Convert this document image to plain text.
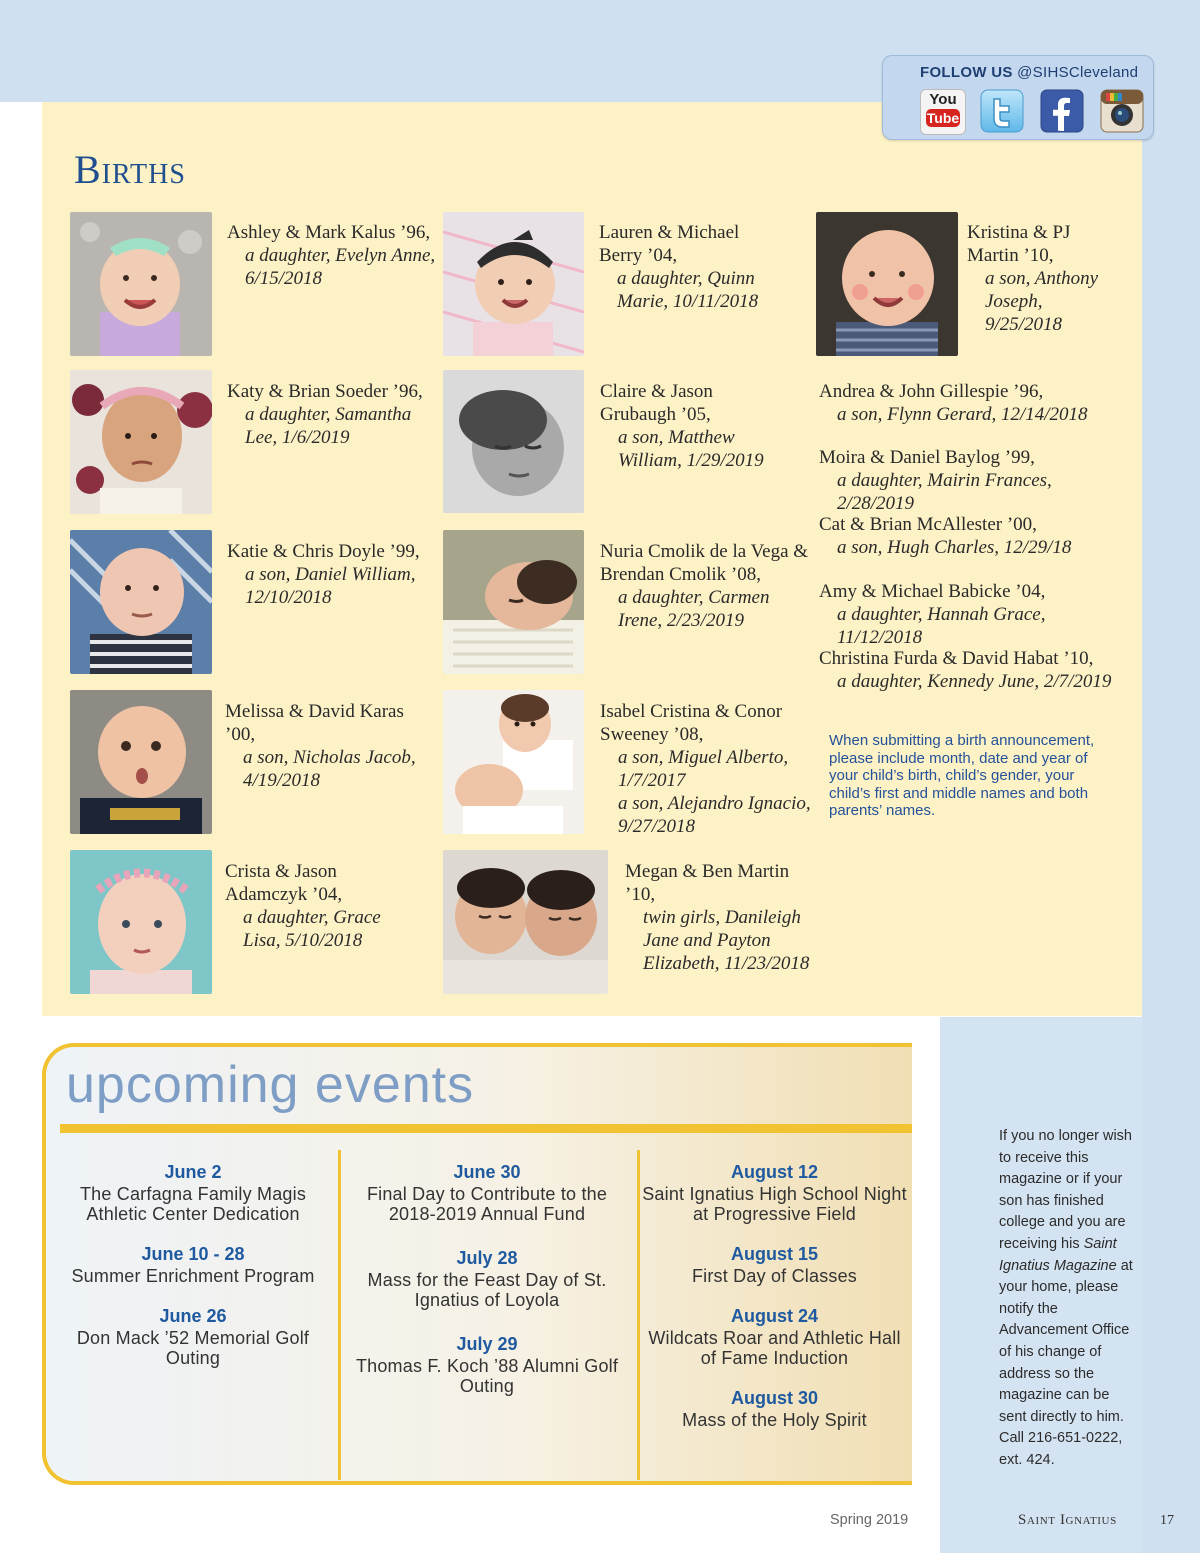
FOLLOW US @SIHSCleveland
You
Tube
Births
Ashley & Mark Kalus ’96,
a daughter, Evelyn Anne, 6/15/2018
Katy & Brian Soeder ’96,
a daughter, Samantha Lee, 1/6/2019
Katie & Chris Doyle ’99,
a son, Daniel William, 12/10/2018
Melissa & David Karas ’00,
a son, Nicholas Jacob, 4/19/2018
Crista & Jason Adamczyk ’04,
a daughter, Grace Lisa, 5/10/2018
Lauren & Michael Berry ’04,
a daughter, Quinn Marie, 10/11/2018
Claire & Jason Grubaugh ’05,
a son, Matthew William, 1/29/2019
Nuria Cmolik de la Vega & Brendan Cmolik ’08,
a daughter, Carmen Irene, 2/23/2019
Isabel Cristina & Conor Sweeney ’08,
a son, Miguel Alberto, 1/7/2017
a son, Alejandro Ignacio, 9/27/2018
Megan & Ben Martin ’10,
twin girls, Danileigh Jane and Payton Elizabeth, 11/23/2018
Kristina & PJ Martin ’10,
a son, Anthony Joseph, 9/25/2018
Andrea & John Gillespie ’96,
a son, Flynn Gerard, 12/14/2018
Moira & Daniel Baylog ’99,
a daughter, Mairin Frances, 2/28/2019
Cat & Brian McAllester ’00,
a son, Hugh Charles, 12/29/18
Amy & Michael Babicke ’04,
a daughter, Hannah Grace, 11/12/2018
Christina Furda & David Habat ’10,
a daughter, Kennedy June, 2/7/2019
When submitting a birth announcement, please include month, date and year of your child’s birth, child’s gender, your child’s first and middle names and both parents’ names.
upcoming events
June 2
The Carfagna Family Magis Athletic Center Dedication
June 10 - 28
Summer Enrichment Program
June 26
Don Mack ’52 Memorial Golf Outing
June 30
Final Day to Contribute to the 2018-2019 Annual Fund
July 28
Mass for the Feast Day of St. Ignatius of Loyola
July 29
Thomas F. Koch ’88 Alumni Golf Outing
August 12
Saint Ignatius High School Night at Progressive Field
August 15
First Day of Classes
August 24
Wildcats Roar and Athletic Hall of Fame Induction
August 30
Mass of the Holy Spirit
If you no longer wish to receive this magazine or if your son has finished college and you are receiving his Saint Ignatius Magazine at your home, please notify the Advancement Office of his change of address so the magazine can be sent directly to him. Call 216-651-0222, ext. 424.
Spring 2019	Saint Ignatius	17
